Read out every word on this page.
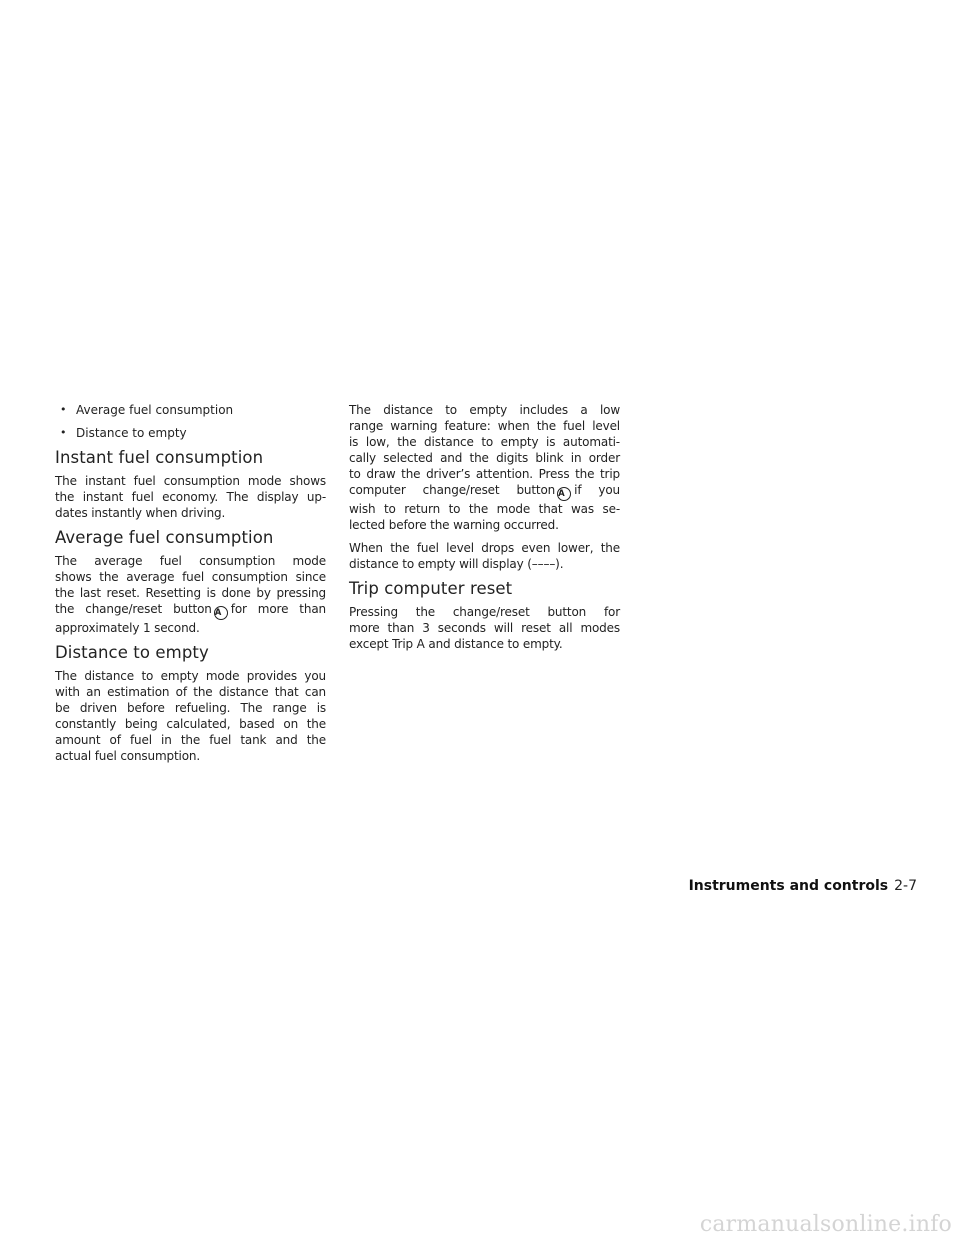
• Average fuel consumption
• Distance to empty
Instant fuel consumption

The instant fuel consumption mode shows
the instant fuel economy. The display up-
dates instantly when driving.

Average fuel consumption

The average fuel consumption mode
shows the average fuel consumption since
the last reset. Resetting is done by pressing
the change/reset button A for more than
approximately 1 second.

Distance to empty

The distance to empty mode provides you
with an estimation of the distance that can
be driven before refueling. The range is
constantly being calculated, based on the
amount of fuel in the fuel tank and the
actual fuel consumption.

The distance to empty includes a low
range warning feature: when the fuel level
is low, the distance to empty is automati-
cally selected and the digits blink in order
to draw the driver’s attention. Press the trip
computer change/reset button A if you
wish to return to the mode that was se-
lected before the warning occurred.

When the fuel level drops even lower, the
distance to empty will display (––––).

Trip computer reset

Pressing the change/reset button for
more than 3 seconds will reset all modes
except Trip A and distance to empty.

Instruments and controls 2-7
carmanualsonline.info
